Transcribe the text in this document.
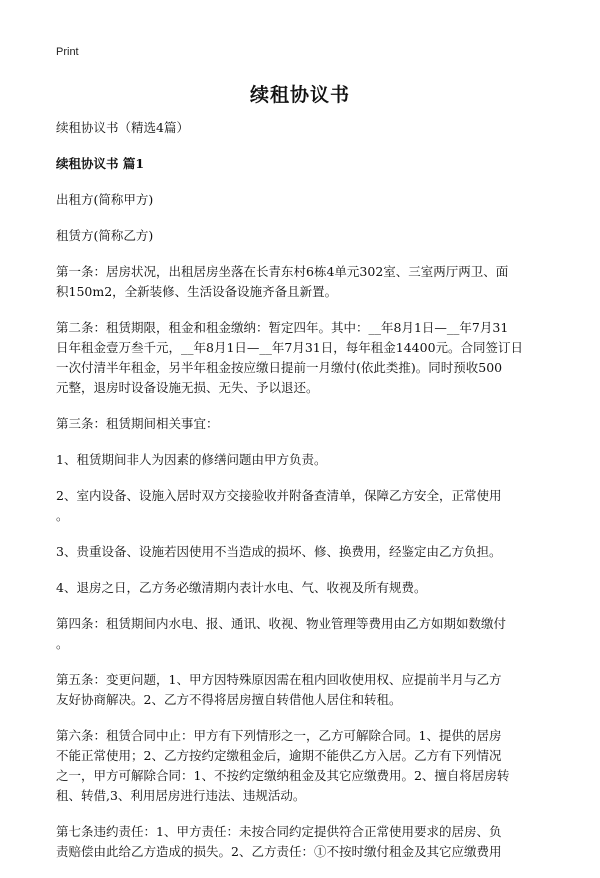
Print
续租协议书

续租协议书（精选4篇）

续租协议书 篇1

出租方(简称甲方)

租赁方(简称乙方)

第一条：居房状况，出租居房坐落在长青东村6栋4单元302室、三室两厅两卫、面
积150m2，全新装修、生活设备设施齐备且新置。

第二条：租赁期限，租金和租金缴纳：暂定四年。其中：__年8月1日—__年7月31
日年租金壹万叁千元，__年8月1日—__年7月31日，每年租金14400元。合同签订日
一次付清半年租金，另半年租金按应缴日提前一月缴付(依此类推)。同时预收500
元整，退房时设备设施无损、无失、予以退还。

第三条：租赁期间相关事宜：

1、租赁期间非人为因素的修缮问题由甲方负责。

2、室内设备、设施入居时双方交接验收并附备查清单，保障乙方安全，正常使用
。

3、贵重设备、设施若因使用不当造成的损坏、修、换费用，经鉴定由乙方负担。

4、退房之日，乙方务必缴清期内表计水电、气、收视及所有规费。

第四条：租赁期间内水电、报、通讯、收视、物业管理等费用由乙方如期如数缴付
。

第五条：变更问题，1、甲方因特殊原因需在租内回收使用权、应提前半月与乙方
友好协商解决。2、乙方不得将居房擅自转借他人居住和转租。

第六条：租赁合同中止：甲方有下列情形之一，乙方可解除合同。1、提供的居房
不能正常使用；2、乙方按约定缴租金后，逾期不能供乙方入居。乙方有下列情况
之一，甲方可解除合同：1、不按约定缴纳租金及其它应缴费用。2、擅自将居房转
租、转借,3、利用居房进行违法、违规活动。

第七条违约责任：1、甲方责任：未按合同约定提供符合正常使用要求的居房、负
责赔偿由此给乙方造成的损失。2、乙方责任：①不按时缴付租金及其它应缴费用
